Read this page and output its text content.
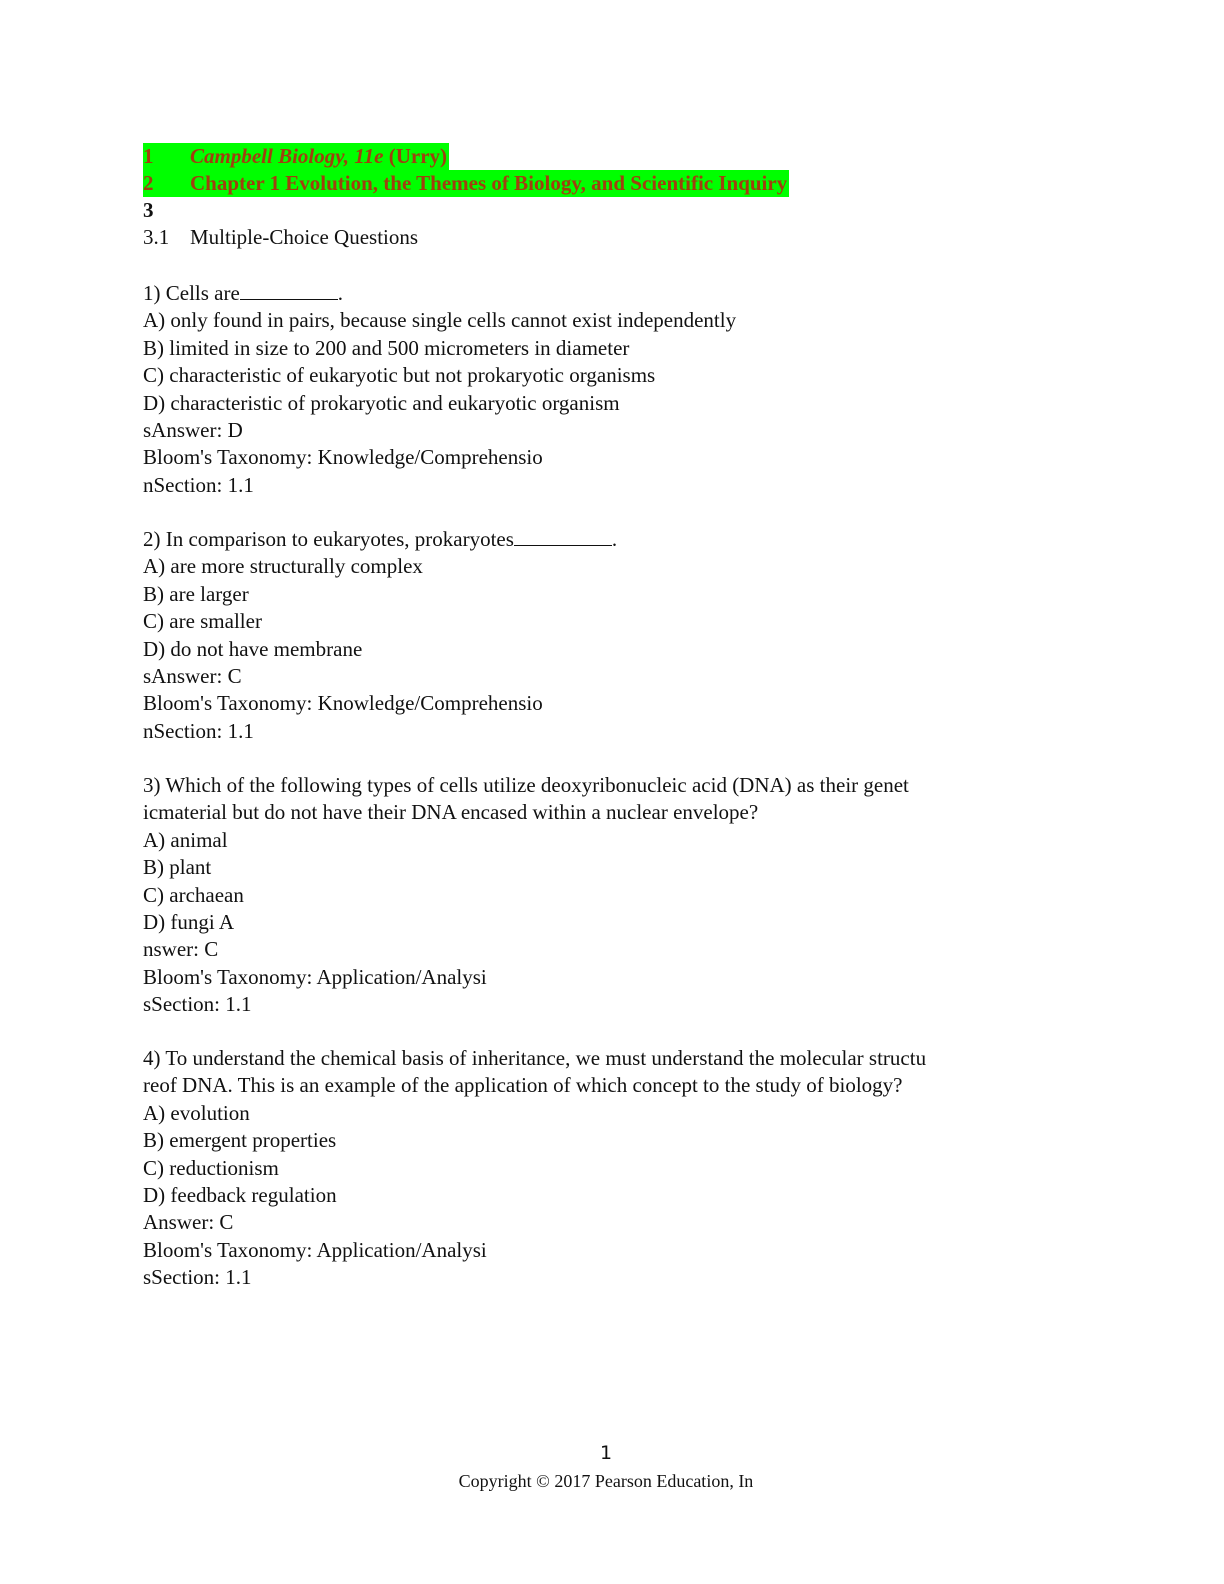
1 Campbell Biology, 11e (Urry)
2 Chapter 1 Evolution, the Themes of Biology, and Scientific Inquiry
3
3.1 Multiple-Choice Questions
1) Cells are	.
A) only found in pairs, because single cells cannot exist independently
B) limited in size to 200 and 500 micrometers in diameter
C) characteristic of eukaryotic but not prokaryotic organisms
D) characteristic of prokaryotic and eukaryotic organism
sAnswer: D
Bloom's Taxonomy: Knowledge/Comprehensio
nSection: 1.1
2) In comparison to eukaryotes, prokaryotes	.
A) are more structurally complex
B) are larger
C) are smaller
D) do not have membrane
sAnswer: C
Bloom's Taxonomy: Knowledge/Comprehensio
nSection: 1.1
3) Which of the following types of cells utilize deoxyribonucleic acid (DNA) as their genet
icmaterial but do not have their DNA encased within a nuclear envelope?
A) animal
B) plant
C) archaean
D) fungi A
nswer: C
Bloom's Taxonomy: Application/Analysi
sSection: 1.1
4) To understand the chemical basis of inheritance, we must understand the molecular structu
reof DNA. This is an example of the application of which concept to the study of biology?
A) evolution
B) emergent properties
C) reductionism
D) feedback regulation
Answer: C
Bloom's Taxonomy: Application/Analysi
sSection: 1.1
1
Copyright © 2017 Pearson Education, In
